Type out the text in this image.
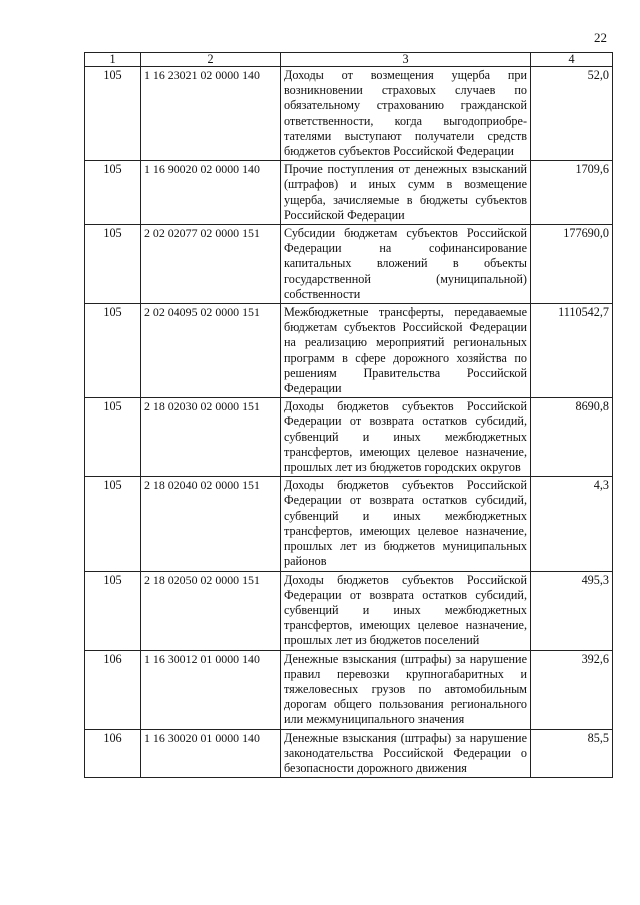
22
1	2	3	4
105	1 16 23021 02 0000 140	Доходы от возмещения ущерба при возникновении страховых случаев по обязательному страхованию гражданской ответственности, когда выгодоприобре-тателями выступают получатели средств бюджетов субъектов Российской Федерации	52,0
105	1 16 90020 02 0000 140	Прочие поступления от денежных взысканий (штрафов) и иных сумм в возмещение ущерба, зачисляемые в бюджеты субъектов Российской Федерации	1709,6
105	2 02 02077 02 0000 151	Субсидии бюджетам субъектов Российской Федерации на софинансирование капитальных вложений в объекты государственной (муниципальной) собственности	177690,0
105	2 02 04095 02 0000 151	Межбюджетные трансферты, передаваемые бюджетам субъектов Российской Федерации на реализацию мероприятий региональных программ в сфере дорожного хозяйства по решениям Правительства Российской Федерации	1110542,7
105	2 18 02030 02 0000 151	Доходы бюджетов субъектов Российской Федерации от возврата остатков субсидий, субвенций и иных межбюджетных трансфертов, имеющих целевое назначение, прошлых лет из бюджетов городских округов	8690,8
105	2 18 02040 02 0000 151	Доходы бюджетов субъектов Российской Федерации от возврата остатков субсидий, субвенций и иных межбюджетных трансфертов, имеющих целевое назначение, прошлых лет из бюджетов муниципальных районов	4,3
105	2 18 02050 02 0000 151	Доходы бюджетов субъектов Российской Федерации от возврата остатков субсидий, субвенций и иных межбюджетных трансфертов, имеющих целевое назначение, прошлых лет из бюджетов поселений	495,3
106	1 16 30012 01 0000 140	Денежные взыскания (штрафы) за нарушение правил перевозки крупногабаритных и тяжеловесных грузов по автомобильным дорогам общего пользования регионального или межмуниципального значения	392,6
106	1 16 30020 01 0000 140	Денежные взыскания (штрафы) за нарушение законодательства Российской Федерации о безопасности дорожного движения	85,5
